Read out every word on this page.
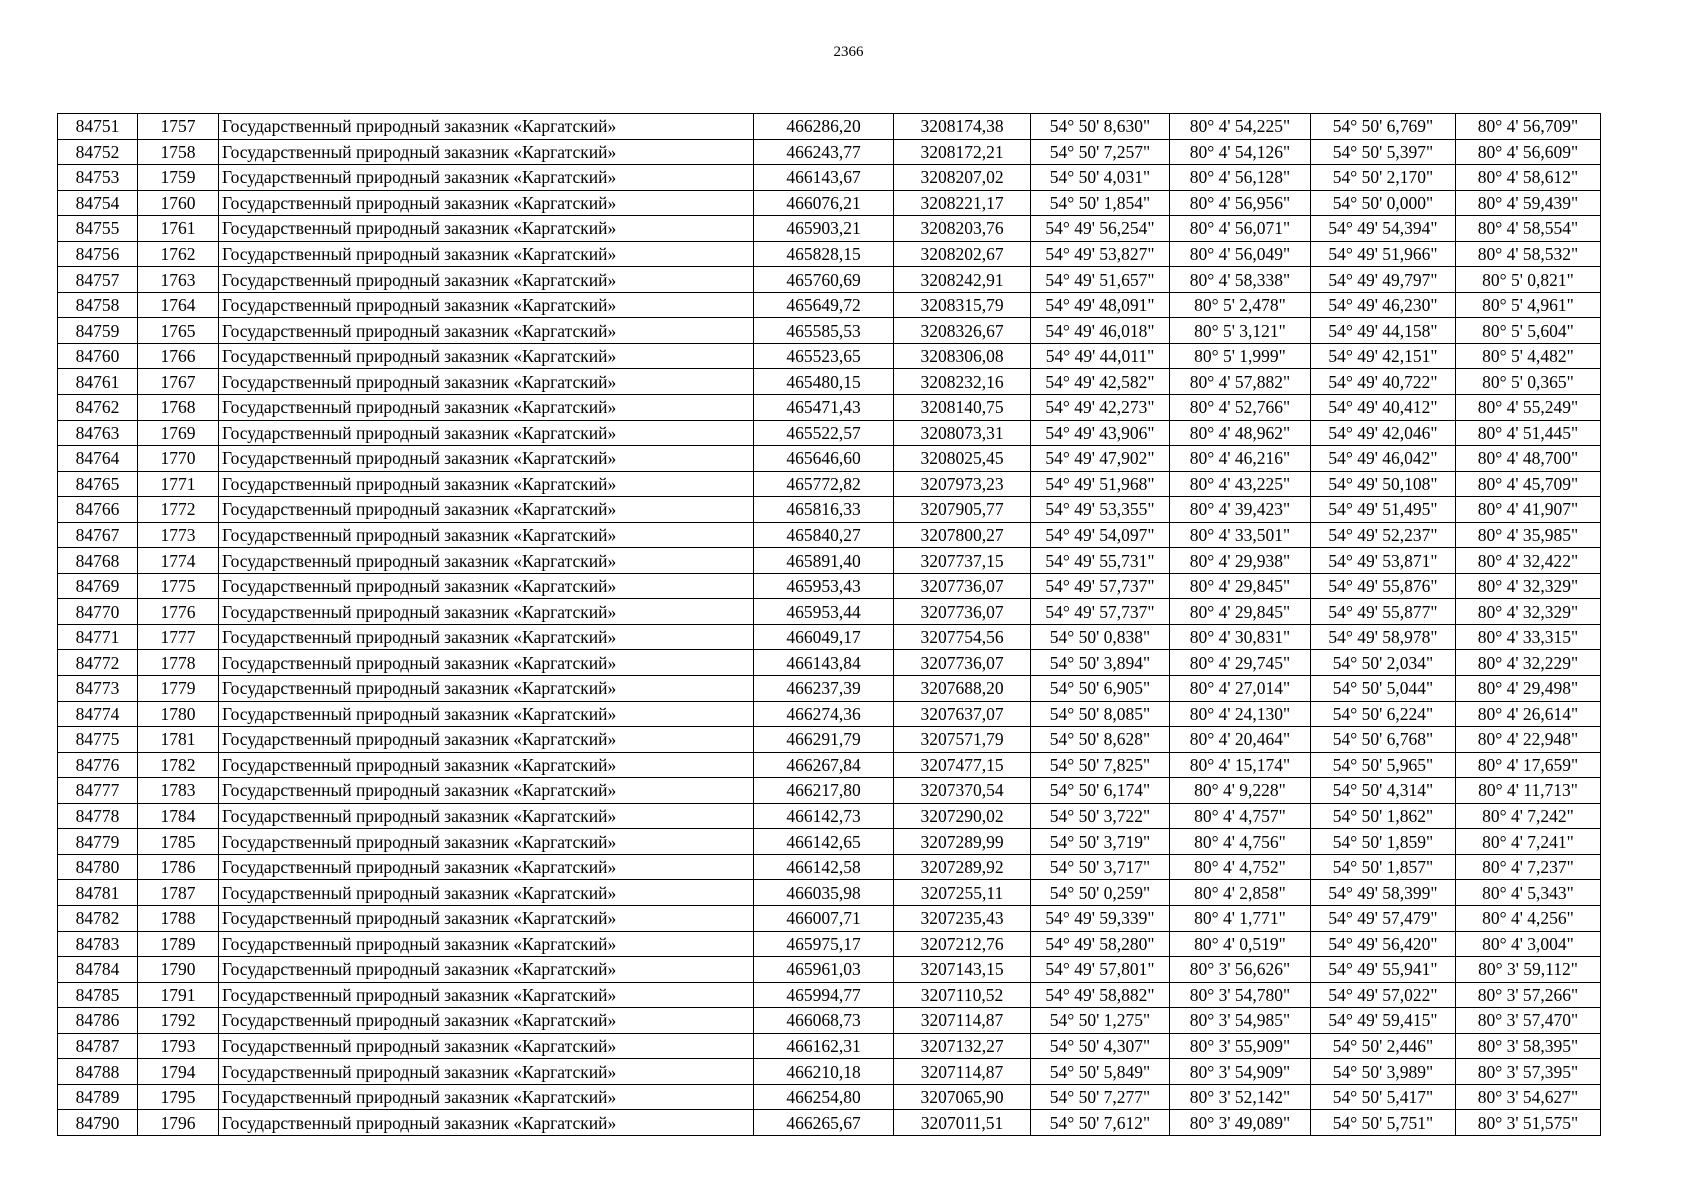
2366
84751	1757	Государственный природный заказник «Каргатский»	466286,20	3208174,38	54° 50' 8,630"	80° 4' 54,225"	54° 50' 6,769"	80° 4' 56,709"
84752	1758	Государственный природный заказник «Каргатский»	466243,77	3208172,21	54° 50' 7,257"	80° 4' 54,126"	54° 50' 5,397"	80° 4' 56,609"
84753	1759	Государственный природный заказник «Каргатский»	466143,67	3208207,02	54° 50' 4,031"	80° 4' 56,128"	54° 50' 2,170"	80° 4' 58,612"
84754	1760	Государственный природный заказник «Каргатский»	466076,21	3208221,17	54° 50' 1,854"	80° 4' 56,956"	54° 50' 0,000"	80° 4' 59,439"
84755	1761	Государственный природный заказник «Каргатский»	465903,21	3208203,76	54° 49' 56,254"	80° 4' 56,071"	54° 49' 54,394"	80° 4' 58,554"
84756	1762	Государственный природный заказник «Каргатский»	465828,15	3208202,67	54° 49' 53,827"	80° 4' 56,049"	54° 49' 51,966"	80° 4' 58,532"
84757	1763	Государственный природный заказник «Каргатский»	465760,69	3208242,91	54° 49' 51,657"	80° 4' 58,338"	54° 49' 49,797"	80° 5' 0,821"
84758	1764	Государственный природный заказник «Каргатский»	465649,72	3208315,79	54° 49' 48,091"	80° 5' 2,478"	54° 49' 46,230"	80° 5' 4,961"
84759	1765	Государственный природный заказник «Каргатский»	465585,53	3208326,67	54° 49' 46,018"	80° 5' 3,121"	54° 49' 44,158"	80° 5' 5,604"
84760	1766	Государственный природный заказник «Каргатский»	465523,65	3208306,08	54° 49' 44,011"	80° 5' 1,999"	54° 49' 42,151"	80° 5' 4,482"
84761	1767	Государственный природный заказник «Каргатский»	465480,15	3208232,16	54° 49' 42,582"	80° 4' 57,882"	54° 49' 40,722"	80° 5' 0,365"
84762	1768	Государственный природный заказник «Каргатский»	465471,43	3208140,75	54° 49' 42,273"	80° 4' 52,766"	54° 49' 40,412"	80° 4' 55,249"
84763	1769	Государственный природный заказник «Каргатский»	465522,57	3208073,31	54° 49' 43,906"	80° 4' 48,962"	54° 49' 42,046"	80° 4' 51,445"
84764	1770	Государственный природный заказник «Каргатский»	465646,60	3208025,45	54° 49' 47,902"	80° 4' 46,216"	54° 49' 46,042"	80° 4' 48,700"
84765	1771	Государственный природный заказник «Каргатский»	465772,82	3207973,23	54° 49' 51,968"	80° 4' 43,225"	54° 49' 50,108"	80° 4' 45,709"
84766	1772	Государственный природный заказник «Каргатский»	465816,33	3207905,77	54° 49' 53,355"	80° 4' 39,423"	54° 49' 51,495"	80° 4' 41,907"
84767	1773	Государственный природный заказник «Каргатский»	465840,27	3207800,27	54° 49' 54,097"	80° 4' 33,501"	54° 49' 52,237"	80° 4' 35,985"
84768	1774	Государственный природный заказник «Каргатский»	465891,40	3207737,15	54° 49' 55,731"	80° 4' 29,938"	54° 49' 53,871"	80° 4' 32,422"
84769	1775	Государственный природный заказник «Каргатский»	465953,43	3207736,07	54° 49' 57,737"	80° 4' 29,845"	54° 49' 55,876"	80° 4' 32,329"
84770	1776	Государственный природный заказник «Каргатский»	465953,44	3207736,07	54° 49' 57,737"	80° 4' 29,845"	54° 49' 55,877"	80° 4' 32,329"
84771	1777	Государственный природный заказник «Каргатский»	466049,17	3207754,56	54° 50' 0,838"	80° 4' 30,831"	54° 49' 58,978"	80° 4' 33,315"
84772	1778	Государственный природный заказник «Каргатский»	466143,84	3207736,07	54° 50' 3,894"	80° 4' 29,745"	54° 50' 2,034"	80° 4' 32,229"
84773	1779	Государственный природный заказник «Каргатский»	466237,39	3207688,20	54° 50' 6,905"	80° 4' 27,014"	54° 50' 5,044"	80° 4' 29,498"
84774	1780	Государственный природный заказник «Каргатский»	466274,36	3207637,07	54° 50' 8,085"	80° 4' 24,130"	54° 50' 6,224"	80° 4' 26,614"
84775	1781	Государственный природный заказник «Каргатский»	466291,79	3207571,79	54° 50' 8,628"	80° 4' 20,464"	54° 50' 6,768"	80° 4' 22,948"
84776	1782	Государственный природный заказник «Каргатский»	466267,84	3207477,15	54° 50' 7,825"	80° 4' 15,174"	54° 50' 5,965"	80° 4' 17,659"
84777	1783	Государственный природный заказник «Каргатский»	466217,80	3207370,54	54° 50' 6,174"	80° 4' 9,228"	54° 50' 4,314"	80° 4' 11,713"
84778	1784	Государственный природный заказник «Каргатский»	466142,73	3207290,02	54° 50' 3,722"	80° 4' 4,757"	54° 50' 1,862"	80° 4' 7,242"
84779	1785	Государственный природный заказник «Каргатский»	466142,65	3207289,99	54° 50' 3,719"	80° 4' 4,756"	54° 50' 1,859"	80° 4' 7,241"
84780	1786	Государственный природный заказник «Каргатский»	466142,58	3207289,92	54° 50' 3,717"	80° 4' 4,752"	54° 50' 1,857"	80° 4' 7,237"
84781	1787	Государственный природный заказник «Каргатский»	466035,98	3207255,11	54° 50' 0,259"	80° 4' 2,858"	54° 49' 58,399"	80° 4' 5,343"
84782	1788	Государственный природный заказник «Каргатский»	466007,71	3207235,43	54° 49' 59,339"	80° 4' 1,771"	54° 49' 57,479"	80° 4' 4,256"
84783	1789	Государственный природный заказник «Каргатский»	465975,17	3207212,76	54° 49' 58,280"	80° 4' 0,519"	54° 49' 56,420"	80° 4' 3,004"
84784	1790	Государственный природный заказник «Каргатский»	465961,03	3207143,15	54° 49' 57,801"	80° 3' 56,626"	54° 49' 55,941"	80° 3' 59,112"
84785	1791	Государственный природный заказник «Каргатский»	465994,77	3207110,52	54° 49' 58,882"	80° 3' 54,780"	54° 49' 57,022"	80° 3' 57,266"
84786	1792	Государственный природный заказник «Каргатский»	466068,73	3207114,87	54° 50' 1,275"	80° 3' 54,985"	54° 49' 59,415"	80° 3' 57,470"
84787	1793	Государственный природный заказник «Каргатский»	466162,31	3207132,27	54° 50' 4,307"	80° 3' 55,909"	54° 50' 2,446"	80° 3' 58,395"
84788	1794	Государственный природный заказник «Каргатский»	466210,18	3207114,87	54° 50' 5,849"	80° 3' 54,909"	54° 50' 3,989"	80° 3' 57,395"
84789	1795	Государственный природный заказник «Каргатский»	466254,80	3207065,90	54° 50' 7,277"	80° 3' 52,142"	54° 50' 5,417"	80° 3' 54,627"
84790	1796	Государственный природный заказник «Каргатский»	466265,67	3207011,51	54° 50' 7,612"	80° 3' 49,089"	54° 50' 5,751"	80° 3' 51,575"
